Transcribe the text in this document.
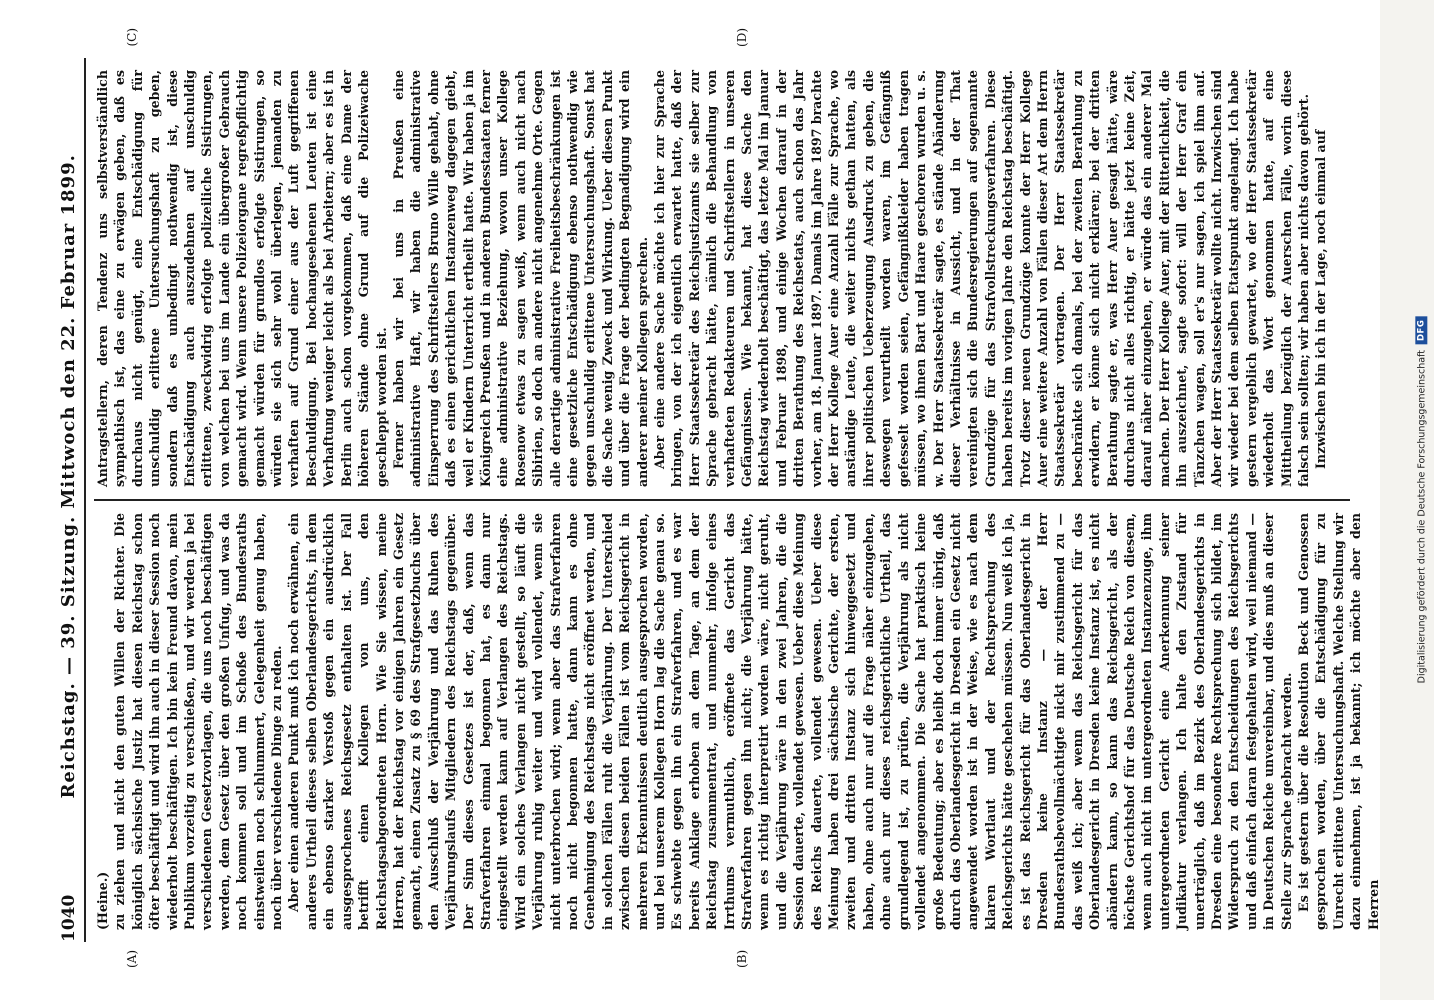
1040
Reichstag. — 39. Sitzung. Mittwoch den 22. Februar 1899.
(A)	(B)

(Heine.) zu ziehen und nicht den guten Willen der Richter. Die königlich sächsische Justiz hat diesen Reichstag schon öfter beschäftigt und wird ihn auch in dieser Session noch wiederholt beschäftigen. Ich bin kein Freund davon, mein Publikum vorzeitig zu verschießen, und wir werden ja bei verschiedenen Gesetzvorlagen, die uns noch beschäftigen werden, dem Gesetz über den großen Unfug, und was da noch kommen soll und im Schoße des Bundesraths einstweilen noch schlummert, Gelegenheit genug haben, noch über verschiedene Dinge zu reden. Aber einen anderen Punkt muß ich noch erwähnen, ein anderes Urtheil dieses selben Oberlandesgerichts, in dem ein ebenso starker Verstoß gegen ein ausdrücklich ausgesprochenes Reichsgesetz enthalten ist. Der Fall betrifft einen Kollegen von uns, den Reichstagsabgeordneten Horn. Wie Sie wissen, meine Herren, hat der Reichstag vor einigen Jahren ein Gesetz gemacht, einen Zusatz zu § 69 des Strafgesetzbuchs über den Ausschluß der Verjährung und das Ruhen des Verjährungslaufs Mitgliedern des Reichstags gegenüber. Der Sinn dieses Gesetzes ist der, daß, wenn das Strafverfahren einmal begonnen hat, es dann nur eingestellt werden kann auf Verlangen des Reichstags. Wird ein solches Verlangen nicht gestellt, so läuft die Verjährung ruhig weiter und wird vollendet, wenn sie nicht unterbrochen wird; wenn aber das Strafverfahren noch nicht begonnen hatte, dann kann es ohne Genehmigung des Reichstags nicht eröffnet werden, und in solchen Fällen ruht die Verjährung. Der Unterschied zwischen diesen beiden Fällen ist vom Reichsgericht in mehreren Erkenntnissen deutlich ausgesprochen worden, und bei unserem Kollegen Horn lag die Sache genau so. Es schwebte gegen ihn ein Strafverfahren, und es war bereits Anklage erhoben an dem Tage, an dem der Reichstag zusammentrat, und nunmehr, infolge eines Irrthums vermuthlich, eröffnete das Gericht das Strafverfahren gegen ihn nicht; die Verjährung hätte, wenn es richtig interpretirt worden wäre, nicht geruht, und die Verjährung wäre in den zwei Jahren, die die Session dauerte, vollendet gewesen. Ueber diese Meinung des Reichs dauerte, vollendet gewesen. Ueber diese Meinung haben drei sächsische Gerichte, der ersten, zweiten und dritten Instanz sich hinweggesetzt und haben, ohne auch nur auf die Frage näher einzugehen, ohne auch nur dieses reichsgerichtliche Urtheil, das grundlegend ist, zu prüfen, die Verjährung als nicht vollendet angenommen. Die Sache hat praktisch keine große Bedeutung; aber es bleibt doch immer übrig, daß durch das Oberlandesgericht in Dresden ein Gesetz nicht angewendet worden ist in der Weise, wie es nach dem klaren Wortlaut und der Rechtsprechung des Reichsgerichts hätte geschehen müssen. Nun weiß ich ja, es ist das Reichsgericht für das Oberlandesgericht in Dresden keine Instanz — der Herr Bundesrathsbevollmächtigte nickt mir zustimmend zu — das weiß ich; aber wenn das Reichsgericht für das Oberlandesgericht in Dresden keine Instanz ist, es nicht abändern kann, so kann das Reichsgericht, als der höchste Gerichtshof für das Deutsche Reich von diesem, wenn auch nicht im untergeordneten Instanzenzuge, ihm untergeordneten Gericht eine Anerkennung seiner Judikatur verlangen. Ich halte den Zustand für unerträglich, daß im Bezirk des Oberlandesgerichts in Dresden eine besondere Rechtsprechung sich bildet, im Widerspruch zu den Entscheidungen des Reichsgerichts und daß einfach daran festgehalten wird, weil niemand — in Deutschen Reiche unvereinbar, und dies muß an dieser Stelle zur Sprache gebracht werden. Es ist gestern über die Resolution Beck und Genossen gesprochen worden, über die Entschädigung für zu Unrecht erlittene Untersuchungshaft. Welche Stellung wir dazu einnehmen, ist ja bekannt; ich möchte aber den Herren

(C)	(D)

Antragstellern, deren Tendenz uns selbstverständlich sympathisch ist, das eine zu erwägen geben, daß es durchaus nicht genügt, eine Entschädigung für unschuldig erlittene Untersuchungshaft zu geben, sondern daß es unbedingt nothwendig ist, diese Entschädigung auch auszudehnen auf unschuldig erlittene, zweckwidrig erfolgte polizeiliche Sistirungen, von welchen bei uns im Lande ein übergroßer Gebrauch gemacht wird. Wenn unsere Polizeiorgane regreßpflichtig gemacht würden für grundlos erfolgte Sistirungen, so würden sie sich sehr wohl überlegen, jemanden zu verhaften auf Grund einer aus der Luft gegriffenen Beschuldigung. Bei hochangesehenen Leuten ist eine Verhaftung weniger leicht als bei Arbeitern; aber es ist in Berlin auch schon vorgekommen, daß eine Dame der höheren Stände ohne Grund auf die Polizeiwache geschleppt worden ist. Ferner haben wir bei uns in Preußen eine administrative Haft, wir haben die administrative Einsperrung des Schriftstellers Bruno Wille gehabt, ohne daß es einen gerichtlichen Instanzenweg dagegen giebt, weil er Kindern Unterricht ertheilt hatte. Wir haben ja im Königreich Preußen und in anderen Bundesstaaten ferner eine administrative Beziehung, wovon unser Kollege Rosenow etwas zu sagen weiß, wenn auch nicht nach Sibirien, so doch an andere nicht angenehme Orte. Gegen alle derartige administrative Freiheitsbeschränkungen ist eine gesetzliche Entschädigung ebenso nothwendig wie gegen unschuldig erlittene Untersuchungshaft. Sonst hat die Sache wenig Zweck und Wirkung. Ueber diesen Punkt und über die Frage der bedingten Begnadigung wird ein anderer meiner Kollegen sprechen. Aber eine andere Sache möchte ich hier zur Sprache bringen, von der ich eigentlich erwartet hatte, daß der Herr Staatssekretär des Reichsjustizamts sie selber zur Sprache gebracht hätte, nämlich die Behandlung von verhafteten Redakteuren und Schriftstellern in unseren Gefängnissen. Wie bekannt, hat diese Sache den Reichstag wiederholt beschäftigt, das letzte Mal im Januar und Februar 1898, und einige Wochen darauf in der dritten Berathung des Reichsetats, auch schon das Jahr vorher, am 18. Januar 1897. Damals im Jahre 1897 brachte der Herr Kollege Auer eine Anzahl Fälle zur Sprache, wo anständige Leute, die weiter nichts gethan hatten, als ihrer politischen Ueberzeugung Ausdruck zu geben, die deswegen verurtheilt worden waren, im Gefängniß gefesselt worden seien, Gefängnißkleider haben tragen müssen, wo ihnen Bart und Haare geschoren wurden u. s. w. Der Herr Staatssekretär sagte, es stände Abänderung dieser Verhältnisse in Aussicht, und in der That vereinigten sich die Bundesregierungen auf sogenannte Grundzüge für das Strafvollstreckungsverfahren. Diese haben bereits im vorigen Jahre den Reichstag beschäftigt. Trotz dieser neuen Grundzüge konnte der Herr Kollege Auer eine weitere Anzahl von Fällen dieser Art dem Herrn Staatssekretär vortragen. Der Herr Staatssekretär beschränkte sich damals, bei der zweiten Berathung zu erwidern, er könne sich nicht erklären; bei der dritten Berathung sagte er, was Herr Auer gesagt hätte, wäre durchaus nicht alles richtig, er hätte jetzt keine Zeit, darauf näher einzugehen, er würde das ein anderer Mal machen. Der Herr Kollege Auer, mit der Ritterlichkeit, die ihn auszeichnet, sagte sofort: will der Herr Graf ein Tänzchen wagen, soll er's nur sagen, ich spiel ihm auf. Aber der Herr Staatssekretär wollte nicht. Inzwischen sind wir wieder bei dem selben Etatspunkt angelangt. Ich habe gestern vergeblich gewartet, wo der Herr Staatssekretär wiederholt das Wort genommen hatte, auf eine Mittheilung bezüglich der Auerschen Fälle, worin diese falsch sein sollten; wir haben aber nichts davon gehört. Inzwischen bin ich in der Lage, noch einmal auf

Digitalisierung gefördert durch die Deutsche Forschungsgemeinschaft
DFG
